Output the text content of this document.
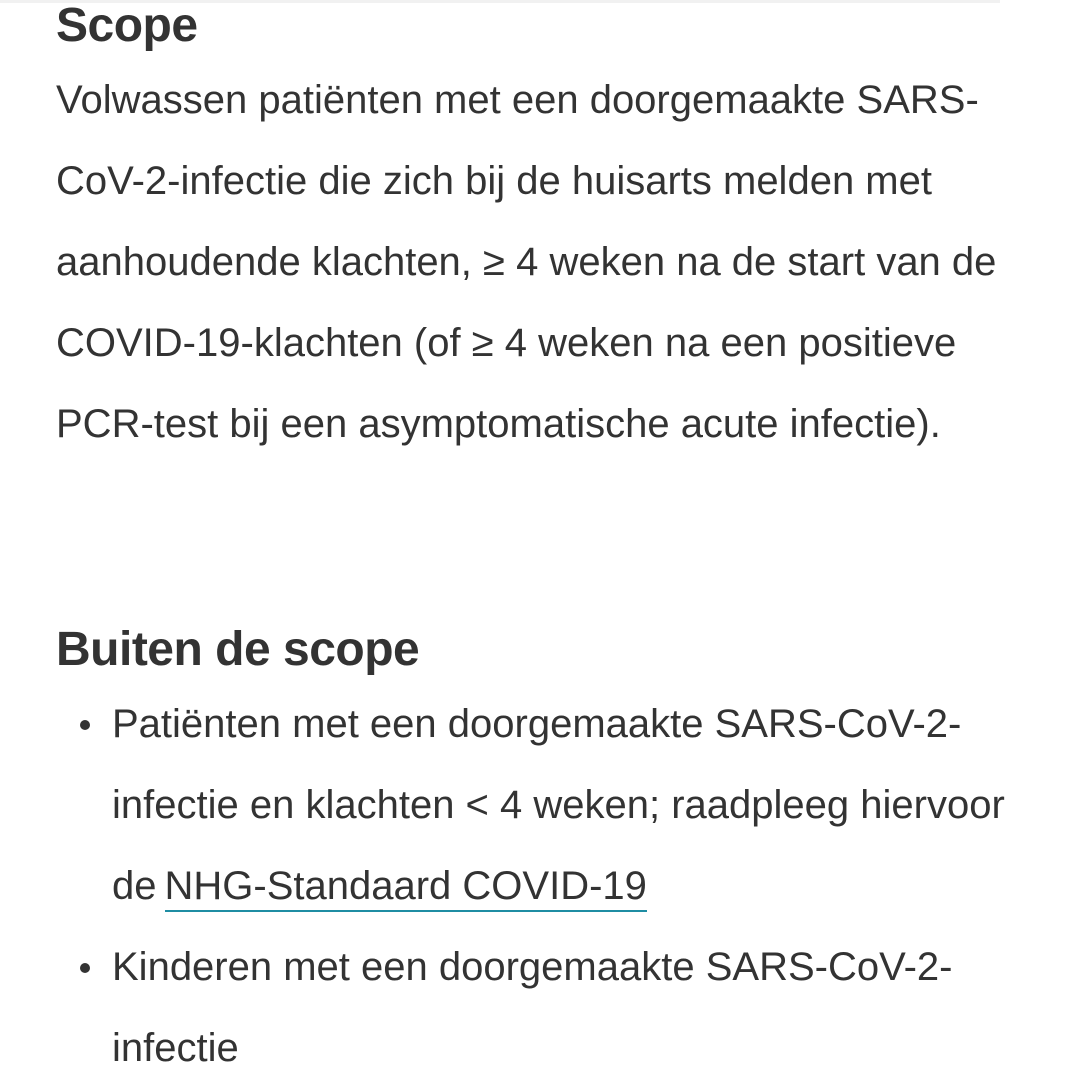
Scope

Volwassen patiënten met een doorgemaakte SARS-CoV-2-infectie die zich bij de huisarts melden met aanhoudende klachten, ≥ 4 weken na de start van de COVID-19-klachten (of ≥ 4 weken na een positieve PCR-test bij een asymptomatische acute infectie).

Buiten de scope
Patiënten met een doorgemaakte SARS-CoV-2-infectie en klachten < 4 weken; raadpleeg hiervoor de NHG-Standaard COVID-19
Kinderen met een doorgemaakte SARS-CoV-2-infectie
